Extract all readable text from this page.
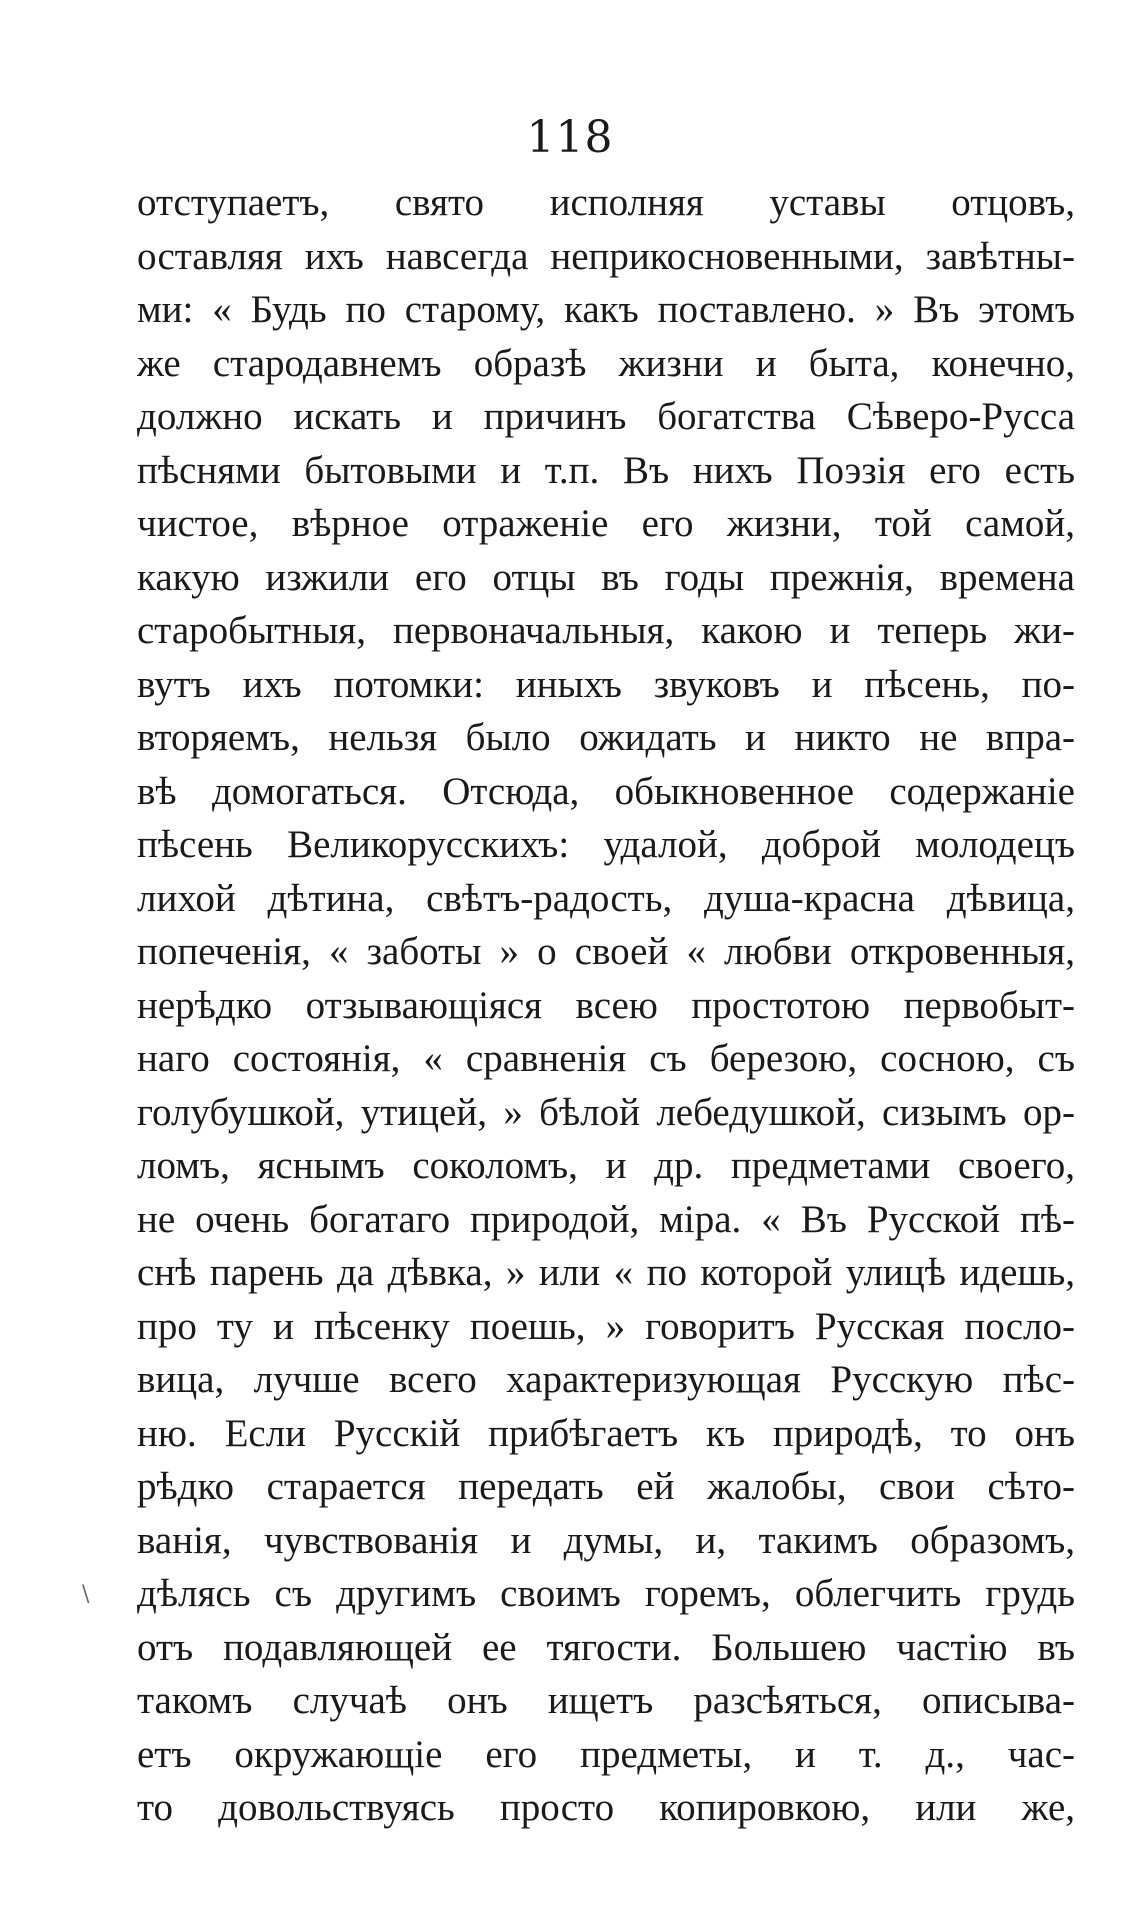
118
\
отступаетъ, свято исполняя уставы отцовъ,
оставляя ихъ навсегда неприкосновенными, завѣтны-
ми: « Будь по старому, какъ поставлено. » Въ этомъ
же стародавнемъ образѣ жизни и быта, конечно,
должно искать и причинъ богатства Сѣверо-Русса
пѣснями бытовыми и т.п. Въ нихъ Поэзія его есть
чистое, вѣрное отраженіе его жизни, той самой,
какую изжили его отцы въ годы прежнія, времена
старобытныя, первоначальныя, какою и теперь жи-
вутъ ихъ потомки: иныхъ звуковъ и пѣсень, по-
вторяемъ, нельзя было ожидать и никто не впра-
вѣ домогаться. Отсюда, обыкновенное содержаніе
пѣсень Великорусскихъ: удалой, доброй молодецъ
лихой дѣтина, свѣтъ-радость, душа-красна дѣвица,
попеченія, « заботы » о своей « любви откровенныя,
нерѣдко отзывающіяся всею простотою первобыт-
наго состоянія, « сравненія съ березою, сосною, съ
голубушкой, утицей, » бѣлой лебедушкой, сизымъ ор-
ломъ, яснымъ соколомъ, и др. предметами своего,
не очень богатаго природой, міра. « Въ Русской пѣ-
снѣ парень да дѣвка, » или « по которой улицѣ идешь,
про ту и пѣсенку поешь, » говоритъ Русская посло-
вица, лучше всего характеризующая Русскую пѣс-
ню. Если Русскій прибѣгаетъ къ природѣ, то онъ
рѣдко старается передать ей жалобы, свои сѣто-
ванія, чувствованія и думы, и, такимъ образомъ,
дѣлясь съ другимъ своимъ горемъ, облегчить грудь
отъ подавляющей ее тягости. Большею частію въ
такомъ случаѣ онъ ищетъ разсѣяться, описыва-
етъ окружающіе его предметы, и т. д., час-
то довольствуясь просто копировкою, или же,
